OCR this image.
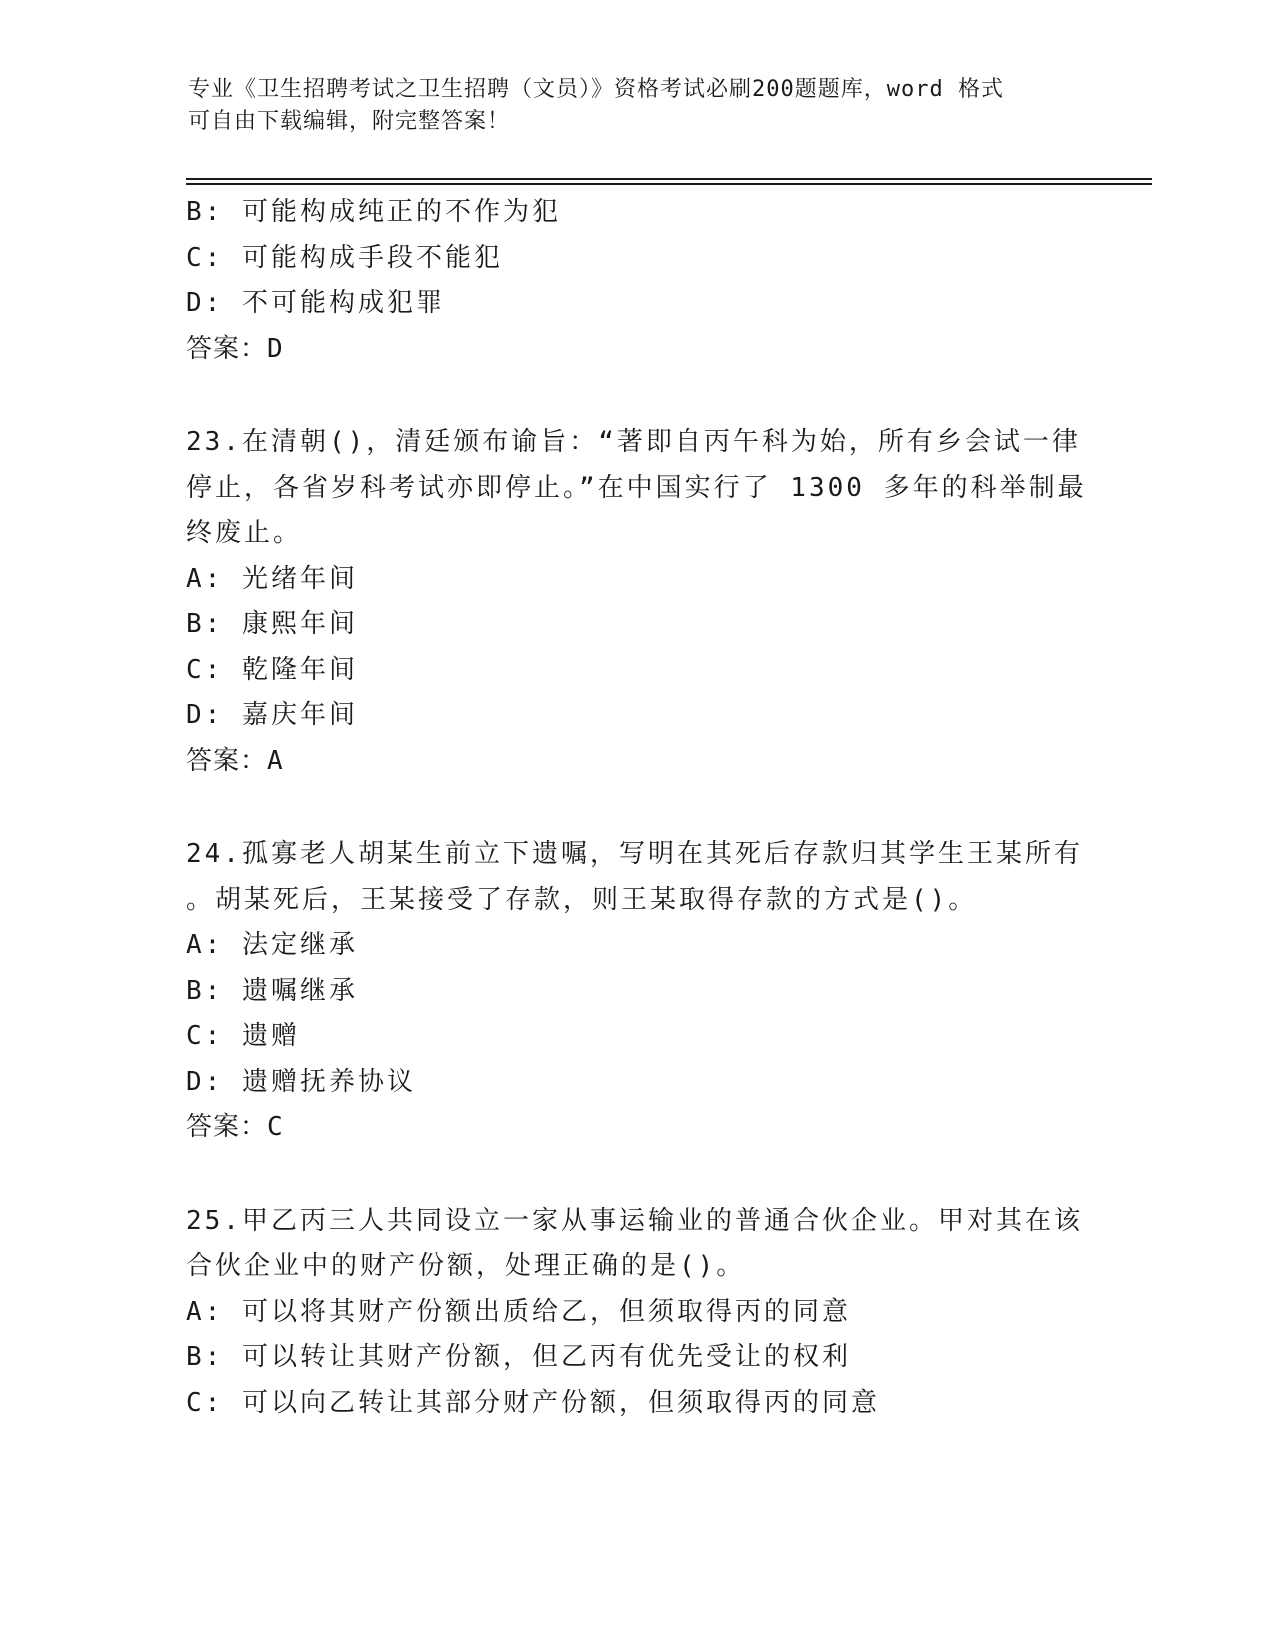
专业《卫生招聘考试之卫生招聘（文员）》资格考试必刷200题题库，word 格式
可自由下载编辑，附完整答案！
B: 可能构成纯正的不作为犯
C: 可能构成手段不能犯
D: 不可能构成犯罪
答案：D
23.在清朝()，清廷颁布谕旨：“著即自丙午科为始，所有乡会试一律
停止，各省岁科考试亦即停止。”在中国实行了 1300 多年的科举制最
终废止。
A: 光绪年间
B: 康熙年间
C: 乾隆年间
D: 嘉庆年间
答案：A
24.孤寡老人胡某生前立下遗嘱，写明在其死后存款归其学生王某所有
。胡某死后，王某接受了存款，则王某取得存款的方式是()。
A: 法定继承
B: 遗嘱继承
C: 遗赠
D: 遗赠抚养协议
答案：C
25.甲乙丙三人共同设立一家从事运输业的普通合伙企业。甲对其在该
合伙企业中的财产份额，处理正确的是()。
A: 可以将其财产份额出质给乙，但须取得丙的同意
B: 可以转让其财产份额，但乙丙有优先受让的权利
C: 可以向乙转让其部分财产份额，但须取得丙的同意
